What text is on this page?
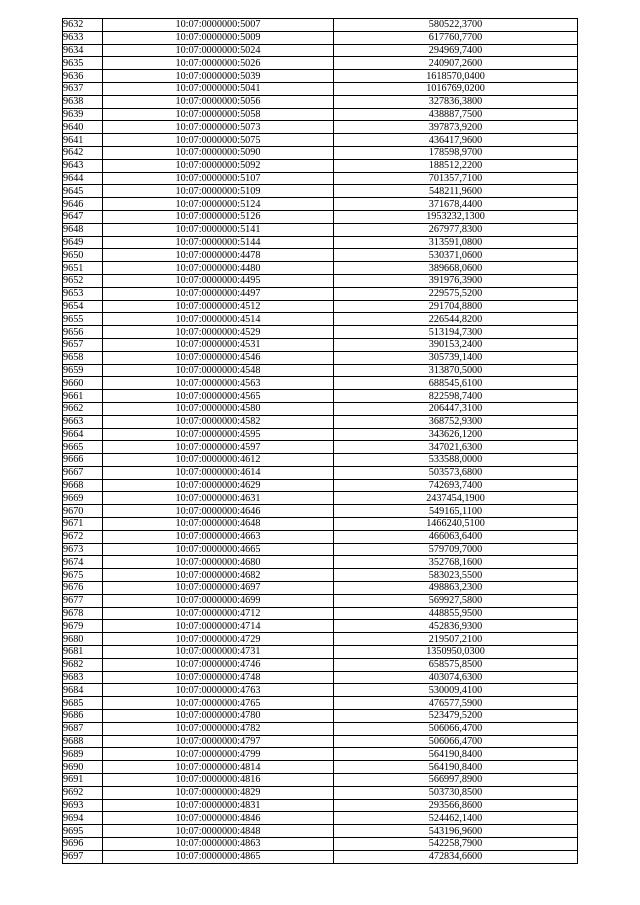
9632	10:07:0000000:5007	580522,3700
9633	10:07:0000000:5009	617760,7700
9634	10:07:0000000:5024	294969,7400
9635	10:07:0000000:5026	240907,2600
9636	10:07:0000000:5039	1618570,0400
9637	10:07:0000000:5041	1016769,0200
9638	10:07:0000000:5056	327836,3800
9639	10:07:0000000:5058	438887,7500
9640	10:07:0000000:5073	397873,9200
9641	10:07:0000000:5075	436417,9600
9642	10:07:0000000:5090	178598,9700
9643	10:07:0000000:5092	188512,2200
9644	10:07:0000000:5107	701357,7100
9645	10:07:0000000:5109	548211,9600
9646	10:07:0000000:5124	371678,4400
9647	10:07:0000000:5126	1953232,1300
9648	10:07:0000000:5141	267977,8300
9649	10:07:0000000:5144	313591,0800
9650	10:07:0000000:4478	530371,0600
9651	10:07:0000000:4480	389668,0600
9652	10:07:0000000:4495	391976,3900
9653	10:07:0000000:4497	229575,5200
9654	10:07:0000000:4512	291704,8800
9655	10:07:0000000:4514	226544,8200
9656	10:07:0000000:4529	513194,7300
9657	10:07:0000000:4531	390153,2400
9658	10:07:0000000:4546	305739,1400
9659	10:07:0000000:4548	313870,5000
9660	10:07:0000000:4563	688545,6100
9661	10:07:0000000:4565	822598,7400
9662	10:07:0000000:4580	206447,3100
9663	10:07:0000000:4582	368752,9300
9664	10:07:0000000:4595	343626,1200
9665	10:07:0000000:4597	347021,6300
9666	10:07:0000000:4612	533588,0000
9667	10:07:0000000:4614	503573,6800
9668	10:07:0000000:4629	742693,7400
9669	10:07:0000000:4631	2437454,1900
9670	10:07:0000000:4646	549165,1100
9671	10:07:0000000:4648	1466240,5100
9672	10:07:0000000:4663	466063,6400
9673	10:07:0000000:4665	579709,7000
9674	10:07:0000000:4680	352768,1600
9675	10:07:0000000:4682	583023,5500
9676	10:07:0000000:4697	498863,2300
9677	10:07:0000000:4699	569927,5800
9678	10:07:0000000:4712	448855,9500
9679	10:07:0000000:4714	452836,9300
9680	10:07:0000000:4729	219507,2100
9681	10:07:0000000:4731	1350950,0300
9682	10:07:0000000:4746	658575,8500
9683	10:07:0000000:4748	403074,6300
9684	10:07:0000000:4763	530009,4100
9685	10:07:0000000:4765	476577,5900
9686	10:07:0000000:4780	523479,5200
9687	10:07:0000000:4782	506066,4700
9688	10:07:0000000:4797	506066,4700
9689	10:07:0000000:4799	564190,8400
9690	10:07:0000000:4814	564190,8400
9691	10:07:0000000:4816	566997,8900
9692	10:07:0000000:4829	503730,8500
9693	10:07:0000000:4831	293566,8600
9694	10:07:0000000:4846	524462,1400
9695	10:07:0000000:4848	543196,9600
9696	10:07:0000000:4863	542258,7900
9697	10:07:0000000:4865	472834,6600
